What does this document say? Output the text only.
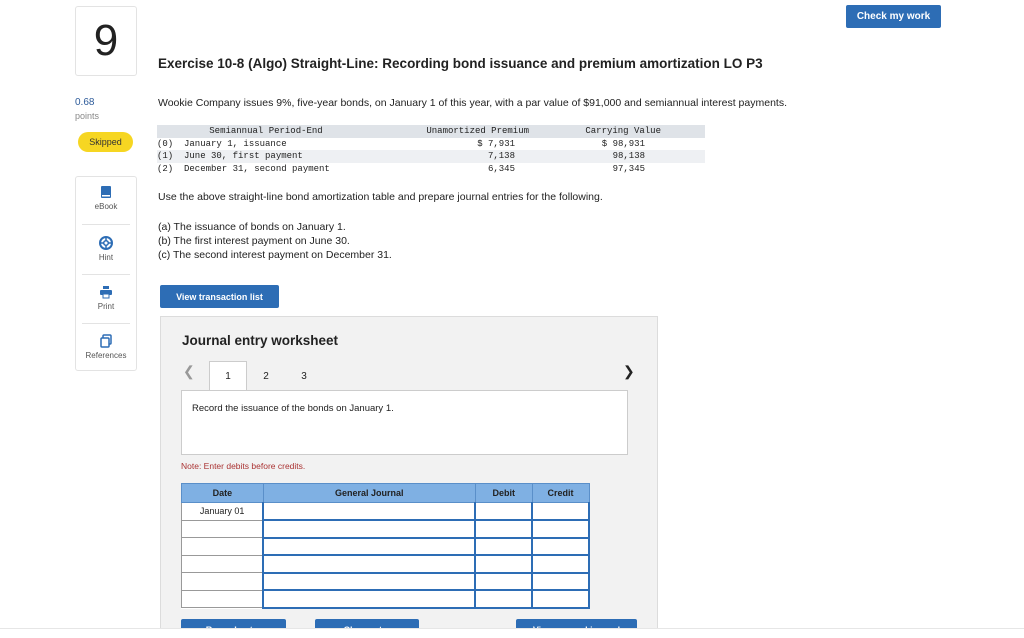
Check my work
9	Exercise 10-8 (Algo) Straight-Line: Recording bond issuance and premium amortization LO P3
0.68
points
Skipped
eBook
Hint
Print
References
Wookie Company issues 9%, five-year bonds, on January 1 of this year, with a par value of $91,000 and semiannual interest payments.
Semiannual Period-End	Unamortized Premium	Carrying Value
(0)  January 1, issuance	$ 7,931	$ 98,931
(1)  June 30, first payment	7,138	98,138
(2)  December 31, second payment	6,345	97,345
Use the above straight-line bond amortization table and prepare journal entries for the following.
(a) The issuance of bonds on January 1.
(b) The first interest payment on June 30.
(c) The second interest payment on December 31.
View transaction list
Journal entry worksheet
❮	1	2	3	❯
Record the issuance of the bonds on January 1.
Note: Enter debits before credits.
Date	General Journal	Debit	Credit
January 01			
